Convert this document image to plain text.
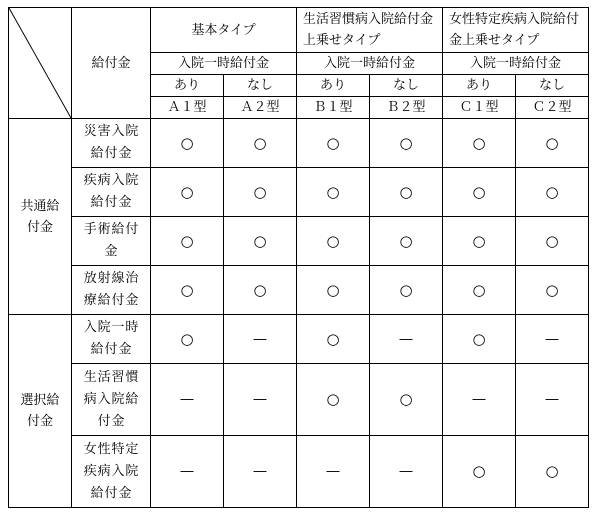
	給付金	基本タイプ		生活習慣病入院給付金上乗せタイプ		女性特定疾病入院給付金上乗せタイプ	
		入院一時給付金		入院一時給付金		入院一時給付金	
		あり	なし	あり	なし	あり	なし
		Ａ１型	Ａ２型	Ｂ１型	Ｂ２型	Ｃ１型	Ｃ２型
共通給付金	災害入院給付金	○	○	○	○	○	○
	疾病入院給付金	○	○	○	○	○	○
	手術給付金	○	○	○	○	○	○
	放射線治療給付金	○	○	○	○	○	○
選択給付金	入院一時給付金	○	―	○	―	○	―
	生活習慣病入院給付金	―	―	○	○	―	―
	女性特定疾病入院給付金	―	―	―	―	○	○
